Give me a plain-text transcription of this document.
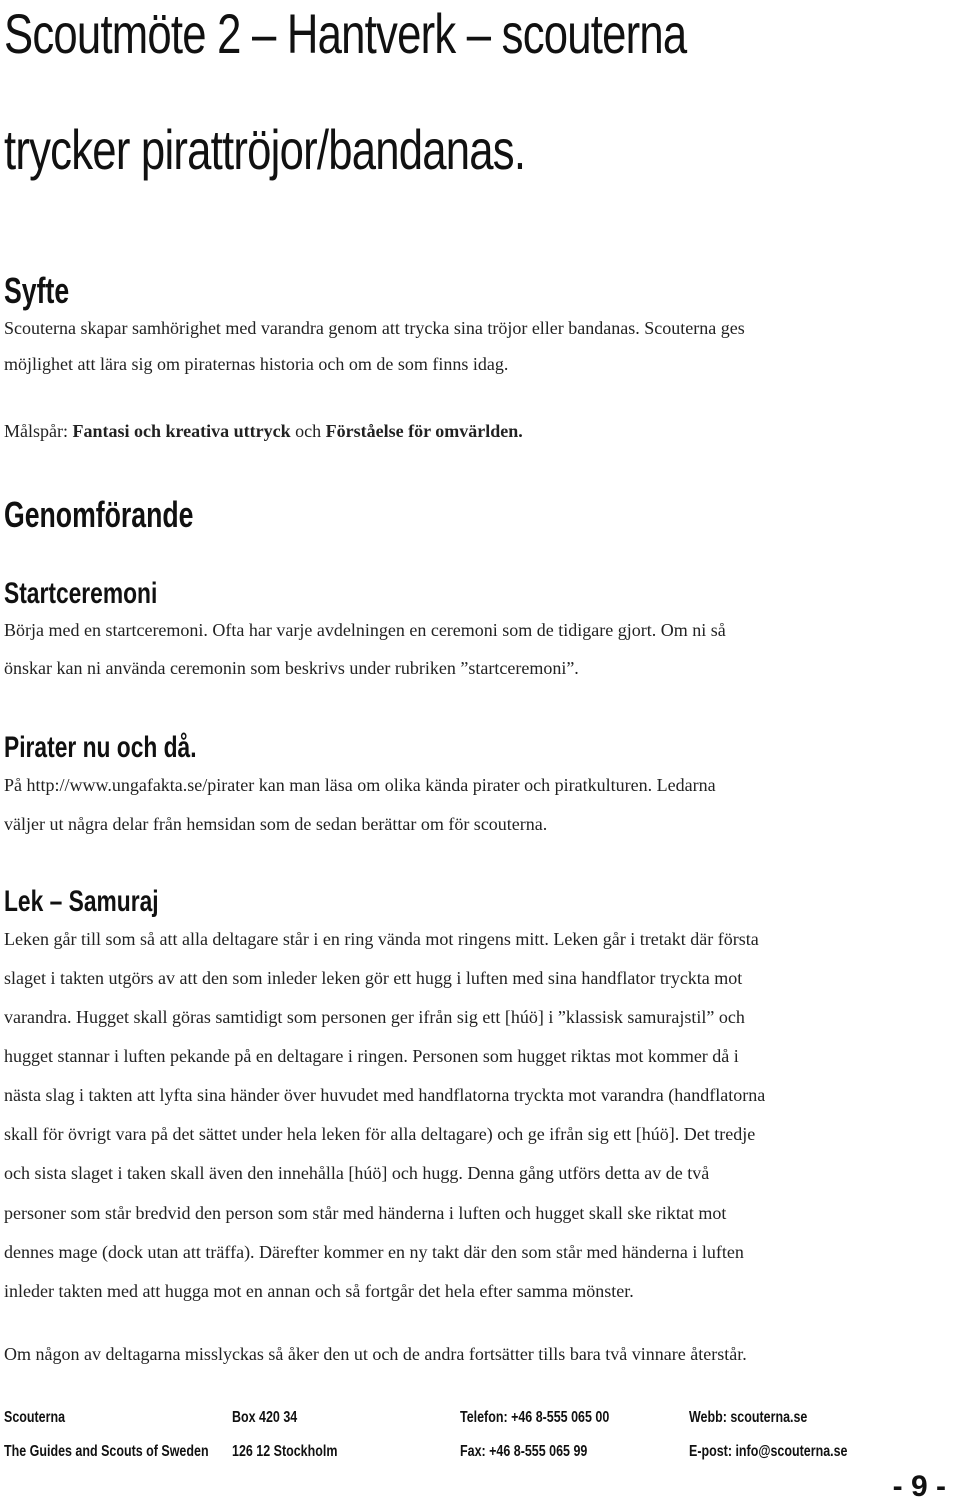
Scoutmöte 2 – Hantverk – scouterna
trycker pirattröjor/bandanas.
Syfte

Scouterna skapar samhörighet med varandra genom att trycka sina tröjor eller bandanas. Scouterna ges

möjlighet att lära sig om piraternas historia och om de som finns idag.

Målspår: Fantasi och kreativa uttryck och Förståelse för omvärlden.

Genomförande
Startceremoni

Börja med en startceremoni. Ofta har varje avdelningen en ceremoni som de tidigare gjort. Om ni så

önskar kan ni använda ceremonin som beskrivs under rubriken ”startceremoni”.

Pirater nu och då.

På http://www.ungafakta.se/pirater kan man läsa om olika kända pirater och piratkulturen. Ledarna

väljer ut några delar från hemsidan som de sedan berättar om för scouterna.

Lek – Samuraj

Leken går till som så att alla deltagare står i en ring vända mot ringens mitt. Leken går i tretakt där första

slaget i takten utgörs av att den som inleder leken gör ett hugg i luften med sina handflator tryckta mot

varandra. Hugget skall göras samtidigt som personen ger ifrån sig ett [húö] i ”klassisk samurajstil” och

hugget stannar i luften pekande på en deltagare i ringen. Personen som hugget riktas mot kommer då i

nästa slag i takten att lyfta sina händer över huvudet med handflatorna tryckta mot varandra (handflatorna

skall för övrigt vara på det sättet under hela leken för alla deltagare) och ge ifrån sig ett [húö]. Det tredje

och sista slaget i taken skall även den innehålla [húö] och hugg. Denna gång utförs detta av de två

personer som står bredvid den person som står med händerna i luften och hugget skall ske riktat mot

dennes mage (dock utan att träffa). Därefter kommer en ny takt där den som står med händerna i luften

inleder takten med att hugga mot en annan och så fortgår det hela efter samma mönster.

Om någon av deltagarna misslyckas så åker den ut och de andra fortsätter tills bara två vinnare återstår.

Scouterna
The Guides and Scouts of Sweden
Box 420 34
126 12 Stockholm
Telefon: +46 8-555 065 00
Fax: +46 8-555 065 99
Webb: scouterna.se
E-post: info@scouterna.se
- 9 -
